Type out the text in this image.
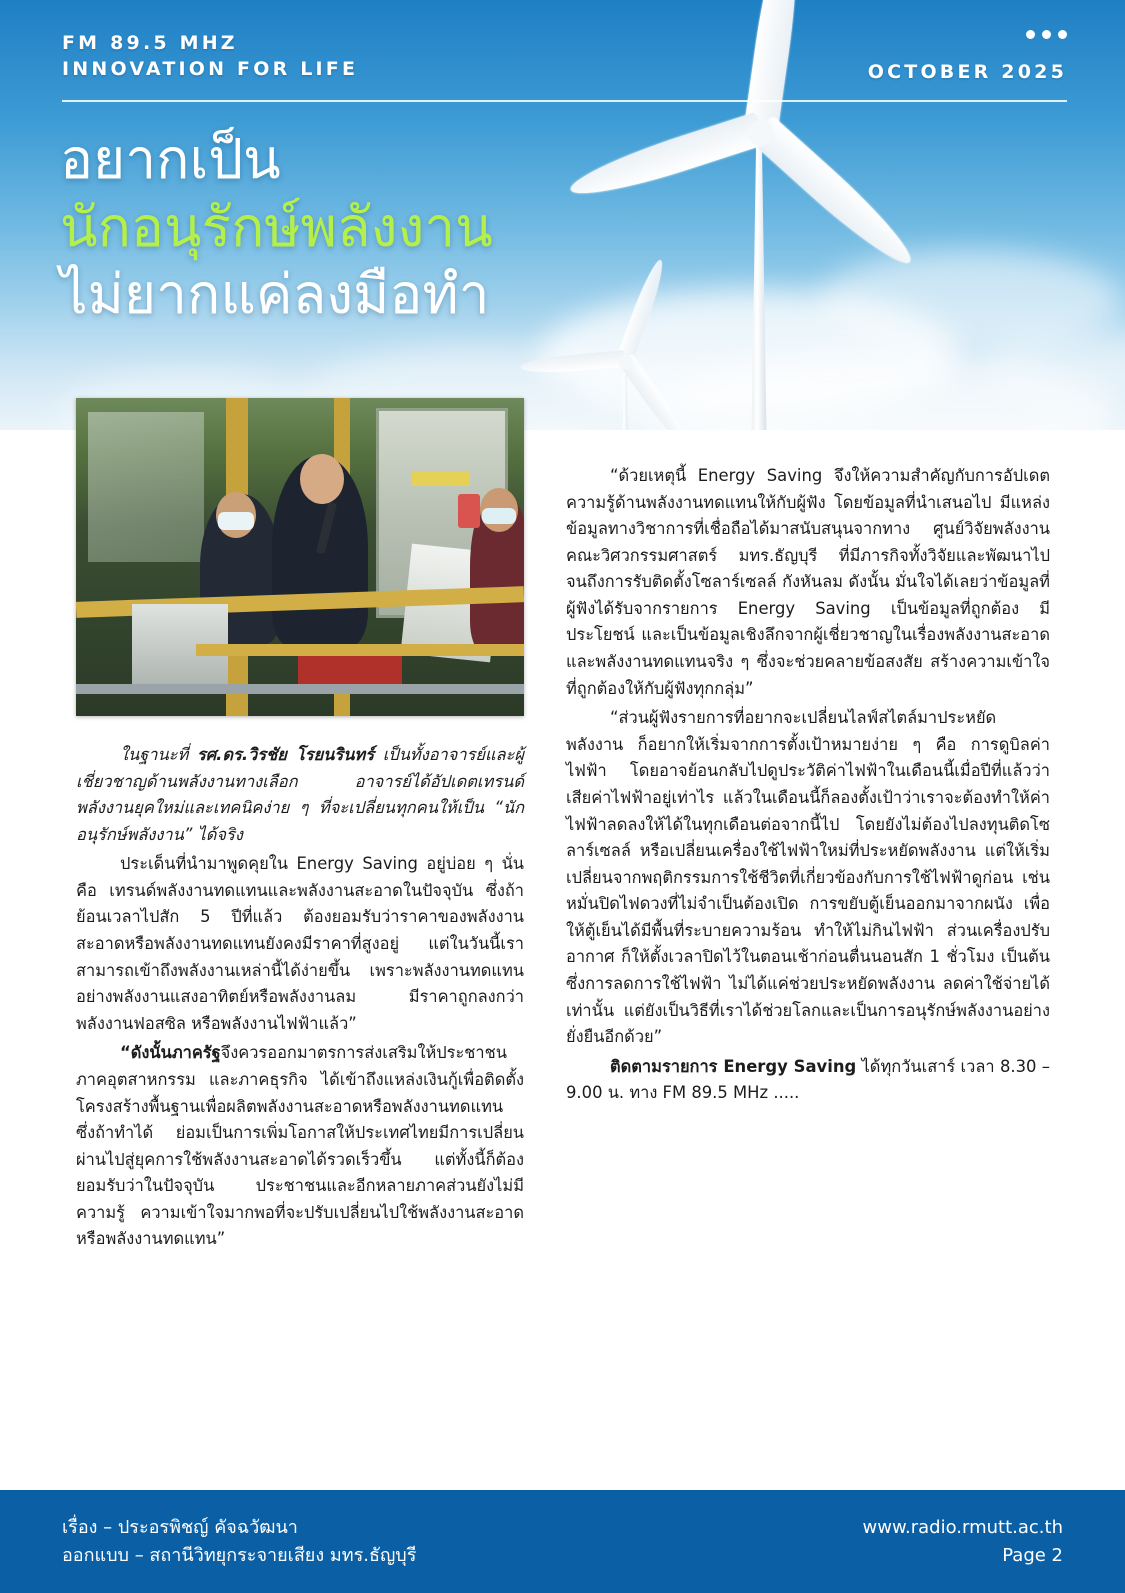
FM 89.5 MHZ
INNOVATION FOR LIFE	OCTOBER 2025
อยากเป็น
นักอนุรักษ์พลังงาน
ไม่ยากแค่ลงมือทำ

ในฐานะที่ รศ.ดร.วิรชัย โรยนรินทร์ เป็นทั้งอาจารย์และผู้เชี่ยวชาญด้านพลังงานทางเลือก อาจารย์ได้อัปเดตเทรนด์พลังงานยุคใหม่และเทคนิคง่าย ๆ ที่จะเปลี่ยนทุกคนให้เป็น “นักอนุรักษ์พลังงาน” ได้จริง

ประเด็นที่นำมาพูดคุยใน Energy Saving อยู่บ่อย ๆ นั่นคือ เทรนด์พลังงานทดแทนและพลังงานสะอาดในปัจจุบัน ซึ่งถ้าย้อนเวลาไปสัก 5 ปีที่แล้ว ต้องยอมรับว่าราคาของพลังงานสะอาดหรือพลังงานทดแทนยังคงมีราคาที่สูงอยู่ แต่ในวันนี้เราสามารถเข้าถึงพลังงานเหล่านี้ได้ง่ายขึ้น เพราะพลังงานทดแทน อย่างพลังงานแสงอาทิตย์หรือพลังงานลม มีราคาถูกลงกว่าพลังงานฟอสซิล หรือพลังงานไฟฟ้าแล้ว”

“ดังนั้นภาครัฐจึงควรออกมาตรการส่งเสริมให้ประชาชน ภาคอุตสาหกรรม และภาคธุรกิจ ได้เข้าถึงแหล่งเงินกู้เพื่อติดตั้งโครงสร้างพื้นฐานเพื่อผลิตพลังงานสะอาดหรือพลังงานทดแทน ซึ่งถ้าทำได้ ย่อมเป็นการเพิ่มโอกาสให้ประเทศไทยมีการเปลี่ยนผ่านไปสู่ยุคการใช้พลังงานสะอาดได้รวดเร็วขึ้น แต่ทั้งนี้ก็ต้องยอมรับว่าในปัจจุบัน ประชาชนและอีกหลายภาคส่วนยังไม่มีความรู้ ความเข้าใจมากพอที่จะปรับเปลี่ยนไปใช้พลังงานสะอาดหรือพลังงานทดแทน”

“ด้วยเหตุนี้ Energy Saving จึงให้ความสำคัญกับการอัปเดตความรู้ด้านพลังงานทดแทนให้กับผู้ฟัง โดยข้อมูลที่นำเสนอไป มีแหล่งข้อมูลทางวิชาการที่เชื่อถือได้มาสนับสนุนจากทาง ศูนย์วิจัยพลังงาน คณะวิศวกรรมศาสตร์ มทร.ธัญบุรี ที่มีภารกิจทั้งวิจัยและพัฒนาไปจนถึงการรับติดตั้งโซลาร์เซลล์ กังหันลม ดังนั้น มั่นใจได้เลยว่าข้อมูลที่ผู้ฟังได้รับจากรายการ Energy Saving เป็นข้อมูลที่ถูกต้อง มีประโยชน์ และเป็นข้อมูลเชิงลึกจากผู้เชี่ยวชาญในเรื่องพลังงานสะอาดและพลังงานทดแทนจริง ๆ ซึ่งจะช่วยคลายข้อสงสัย สร้างความเข้าใจที่ถูกต้องให้กับผู้ฟังทุกกลุ่ม”

“ส่วนผู้ฟังรายการที่อยากจะเปลี่ยนไลฟ์สไตล์มาประหยัดพลังงาน ก็อยากให้เริ่มจากการตั้งเป้าหมายง่าย ๆ คือ การดูบิลค่าไฟฟ้า โดยอาจย้อนกลับไปดูประวัติค่าไฟฟ้าในเดือนนี้เมื่อปีที่แล้วว่าเสียค่าไฟฟ้าอยู่เท่าไร แล้วในเดือนนี้ก็ลองตั้งเป้าว่าเราจะต้องทำให้ค่าไฟฟ้าลดลงให้ได้ในทุกเดือนต่อจากนี้ไป โดยยังไม่ต้องไปลงทุนติดโซลาร์เซลล์ หรือเปลี่ยนเครื่องใช้ไฟฟ้าใหม่ที่ประหยัดพลังงาน แต่ให้เริ่มเปลี่ยนจากพฤติกรรมการใช้ชีวิตที่เกี่ยวข้องกับการใช้ไฟฟ้าดูก่อน เช่น หมั่นปิดไฟดวงที่ไม่จำเป็นต้องเปิด การขยับตู้เย็นออกมาจากผนัง เพื่อให้ตู้เย็นได้มีพื้นที่ระบายความร้อน ทำให้ไม่กินไฟฟ้า ส่วนเครื่องปรับอากาศ ก็ให้ตั้งเวลาปิดไว้ในตอนเช้าก่อนตื่นนอนสัก 1 ชั่วโมง เป็นต้น ซึ่งการลดการใช้ไฟฟ้า ไม่ได้แค่ช่วยประหยัดพลังงาน ลดค่าใช้จ่ายได้เท่านั้น แต่ยังเป็นวิธีที่เราได้ช่วยโลกและเป็นการอนุรักษ์พลังงานอย่างยั่งยืนอีกด้วย”

ติดตามรายการ Energy Saving ได้ทุกวันเสาร์ เวลา 8.30 – 9.00 น. ทาง FM 89.5 MHz .....

เรื่อง – ประอรพิชญ์ คัจฉวัฒนา
ออกแบบ – สถานีวิทยุกระจายเสียง มทร.ธัญบุรี
www.radio.rmutt.ac.th
Page 2
